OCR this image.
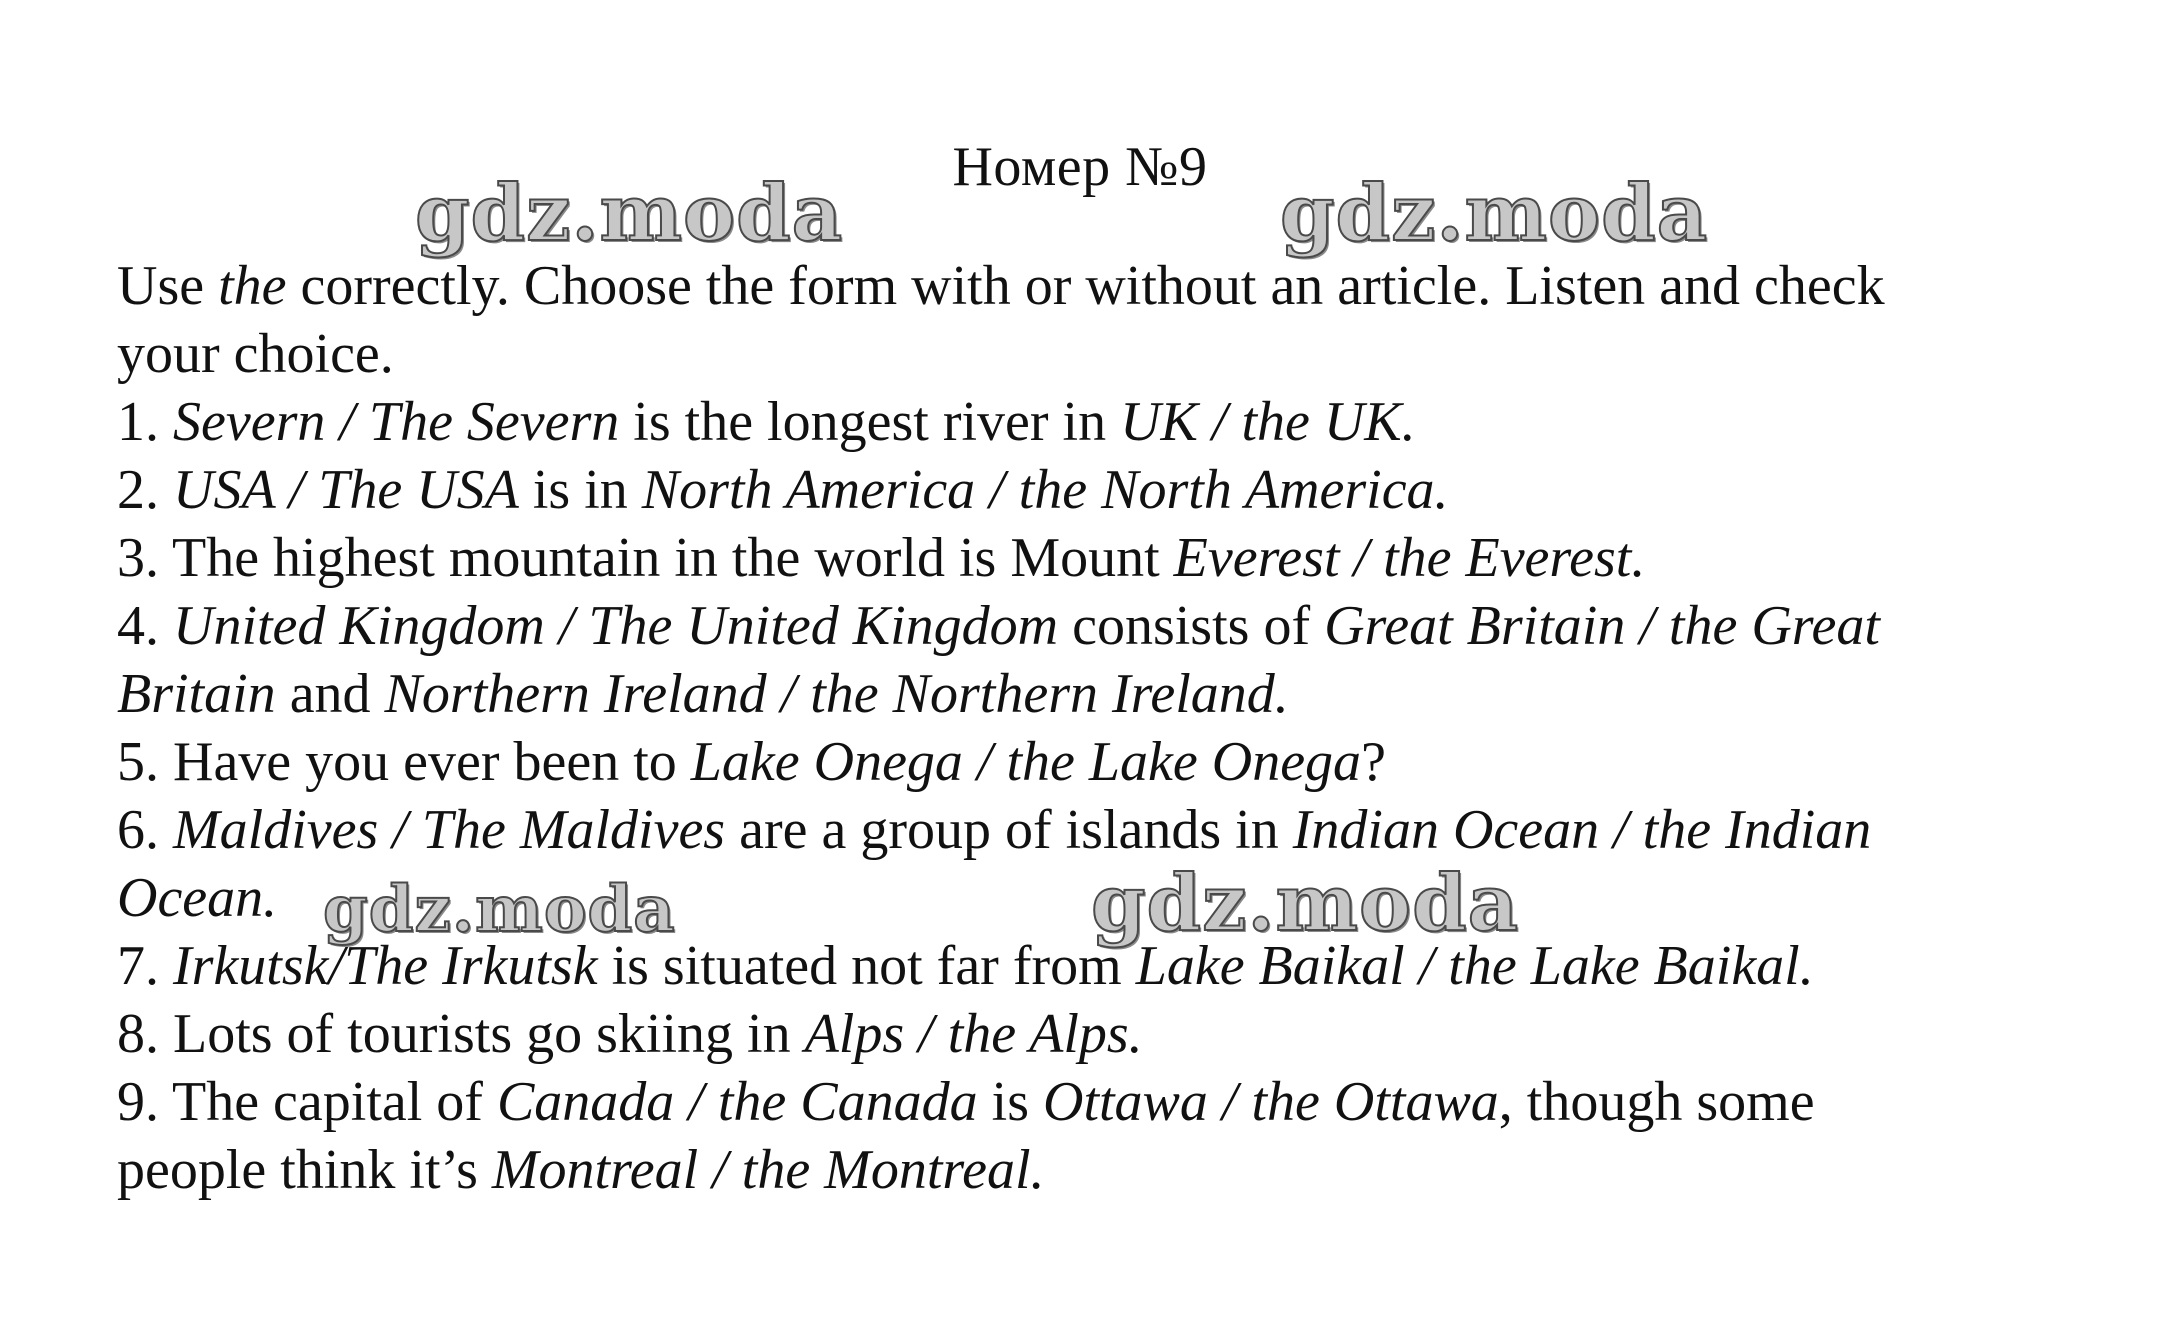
Номер №9
gdz.moda	gdz.moda
gdz.moda	gdz.moda
Use the correctly. Choose the form with or without an article. Listen and check
your choice.
1. Severn / The Severn is the longest river in UK / the UK.
2. USA / The USA is in North America / the North America.
3. The highest mountain in the world is Mount Everest / the Everest.
4. United Kingdom / The United Kingdom consists of Great Britain / the Great
Britain and Northern Ireland / the Northern Ireland.
5. Have you ever been to Lake Onega / the Lake Onega?
6. Maldives / The Maldives are a group of islands in Indian Ocean / the Indian
Ocean.
7. Irkutsk/The Irkutsk is situated not far from Lake Baikal / the Lake Baikal.
8. Lots of tourists go skiing in Alps / the Alps.
9. The capital of Canada / the Canada is Ottawa / the Ottawa, though some
people think it’s Montreal / the Montreal.
